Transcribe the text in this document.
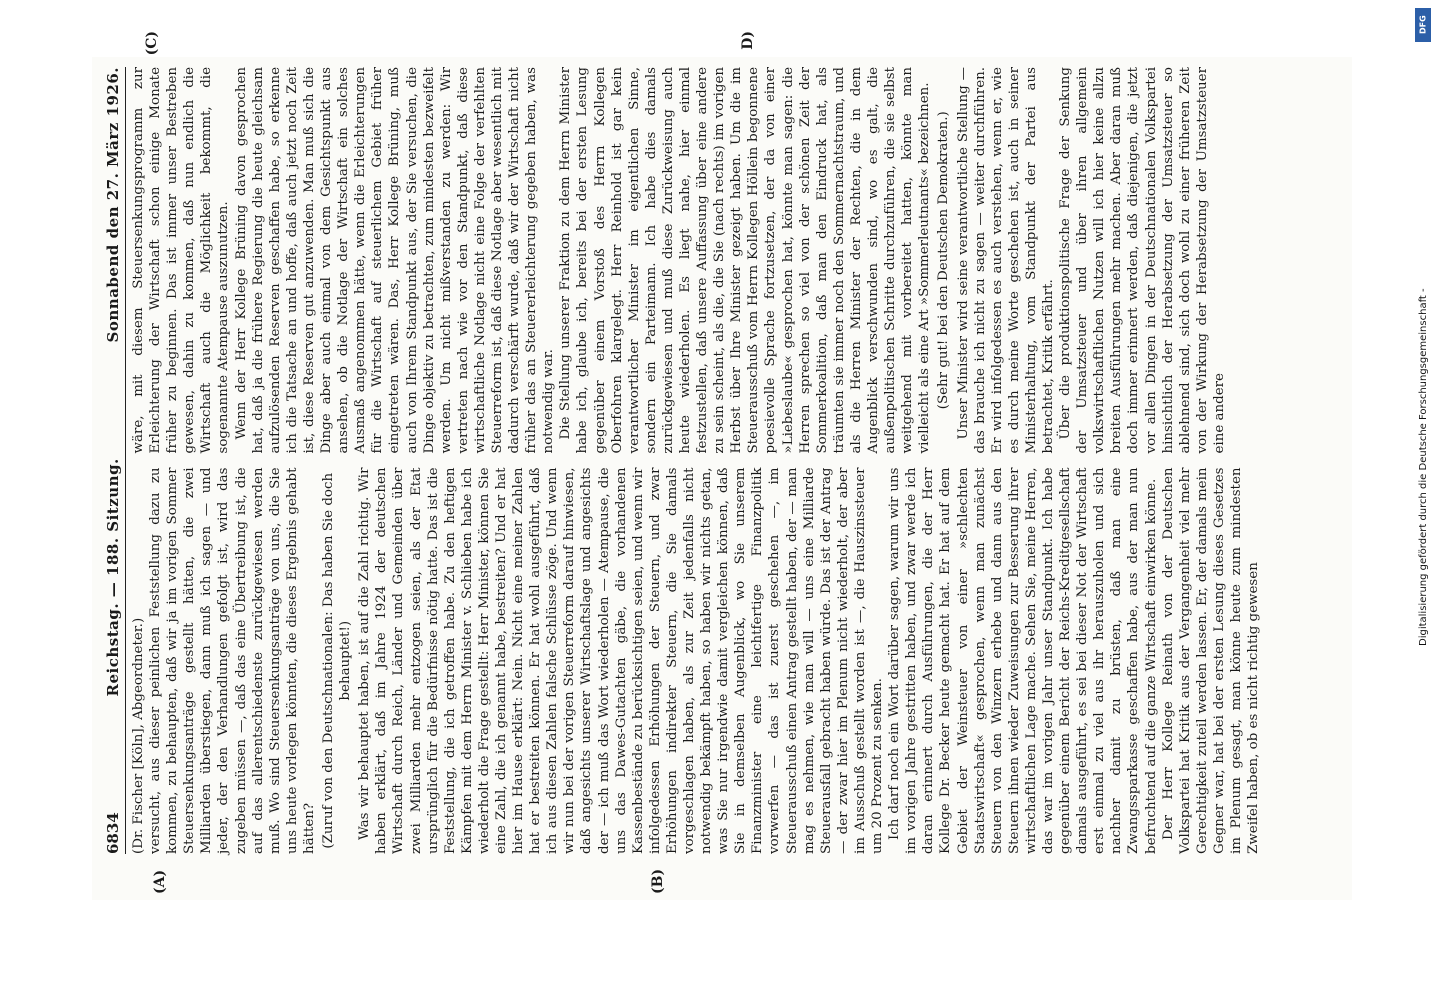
6834
Reichstag. — 188. Sitzung.
Sonnabend den 27. März 1926.
(A)	(B)

(Dr. Fischer [Köln], Abgeordneter.) versucht, aus dieser peinlichen Feststellung dazu zu kommen, zu behaupten, daß wir ja im vorigen Sommer Steuersenkungsanträge gestellt hätten, die zwei Milliarden überstiegen, dann muß ich sagen — und jeder, der den Verhandlungen gefolgt ist, wird das zugeben müssen —, daß das eine Übertreibung ist, die auf das allerentschiedenste zurückgewiesen werden muß. Wo sind Steuersenkungsanträge von uns, die Sie uns heute vorlegen könnten, die dieses Ergebnis gehabt hätten? (Zuruf von den Deutschnationalen: Das haben Sie doch behauptet!) Was wir behauptet haben, ist auf die Zahl richtig. Wir haben erklärt, daß im Jahre 1924 der deutschen Wirtschaft durch Reich, Länder und Gemeinden über zwei Milliarden mehr entzogen seien, als der Etat ursprünglich für die Bedürfnisse nötig hatte. Das ist die Feststellung, die ich getroffen habe. Zu den heftigen Kämpfen mit dem Herrn Minister v. Schlieben habe ich wiederholt die Frage gestellt: Herr Minister, können Sie eine Zahl, die ich genannt habe, bestreiten? Und er hat hier im Hause erklärt: Nein. Nicht eine meiner Zahlen hat er bestreiten können. Er hat wohl ausgeführt, daß ich aus diesen Zahlen falsche Schlüsse zöge. Und wenn wir nun bei der vorigen Steuerreform darauf hinwiesen, daß angesichts unserer Wirtschaftslage und angesichts der — ich muß das Wort wiederholen — Atempause, die uns das Dawes-Gutachten gäbe, die vorhandenen Kassenbestände zu berücksichtigen seien, und wenn wir infolgedessen Erhöhungen der Steuern, und zwar Erhöhungen indirekter Steuern, die Sie damals vorgeschlagen haben, als zur Zeit jedenfalls nicht notwendig bekämpft haben, so haben wir nichts getan, was Sie nur irgendwie damit vergleichen können, daß Sie in demselben Augenblick, wo Sie unserem Finanzminister eine leichtfertige Finanzpolitik vorwerfen — das ist zuerst geschehen —, im Steuerausschuß einen Antrag gestellt haben, der — man mag es nehmen, wie man will — uns eine Milliarde Steuerausfall gebracht haben würde. Das ist der Antrag — der zwar hier im Plenum nicht wiederholt, der aber im Ausschuß gestellt worden ist —, die Hauszinssteuer um 20 Prozent zu senken. Ich darf noch ein Wort darüber sagen, warum wir uns im vorigen Jahre gestritten haben, und zwar werde ich daran erinnert durch Ausführungen, die der Herr Kollege Dr. Becker heute gemacht hat. Er hat auf dem Gebiet der Weinsteuer von einer »schlechten Staatswirtschaft« gesprochen, wenn man zunächst Steuern von den Winzern erhebe und dann aus den Steuern ihnen wieder Zuweisungen zur Besserung ihrer wirtschaftlichen Lage mache. Sehen Sie, meine Herren, das war im vorigen Jahr unser Standpunkt. Ich habe gegenüber einem Bericht der Reichs-Kreditgesellschaft damals ausgeführt, es sei bei dieser Not der Wirtschaft erst einmal zu viel aus ihr herauszuholen und sich nachher damit zu brüsten, daß man eine Zwangssparkasse geschaffen habe, aus der man nun befruchtend auf die ganze Wirtschaft einwirken könne. Der Herr Kollege Reinath von der Deutschen Volkspartei hat Kritik aus der Vergangenheit viel mehr Gerechtigkeit zuteil werden lassen. Er, der damals mein Gegner war, hat bei der ersten Lesung dieses Gesetzes im Plenum gesagt, man könne heute zum mindesten Zweifel haben, ob es nicht richtig gewesen

(C)	D)

wäre, mit diesem Steuersenkungsprogramm zur Erleichterung der Wirtschaft schon einige Monate früher zu beginnen. Das ist immer unser Bestreben gewesen, dahin zu kommen, daß nun endlich die Wirtschaft auch die Möglichkeit bekommt, die sogenannte Atempause auszunutzen. Wenn der Herr Kollege Brüning davon gesprochen hat, daß ja die frühere Regierung die heute gleichsam aufzulösenden Reserven geschaffen habe, so erkenne ich die Tatsache an und hoffe, daß auch jetzt noch Zeit ist, diese Reserven gut anzuwenden. Man muß sich die Dinge aber auch einmal von dem Gesichtspunkt aus ansehen, ob die Notlage der Wirtschaft ein solches Ausmaß angenommen hätte, wenn die Erleichterungen für die Wirtschaft auf steuerlichem Gebiet früher eingetreten wären. Das, Herr Kollege Brüning, muß auch von Ihrem Standpunkt aus, der Sie versuchen, die Dinge objektiv zu betrachten, zum mindesten bezweifelt werden. Um nicht mißverstanden zu werden: Wir vertreten nach wie vor den Standpunkt, daß diese wirtschaftliche Notlage nicht eine Folge der verfehlten Steuerreform ist, daß diese Notlage aber wesentlich mit dadurch verschärft wurde, daß wir der Wirtschaft nicht früher das an Steuererleichterung gegeben haben, was notwendig war. Die Stellung unserer Fraktion zu dem Herrn Minister habe ich, glaube ich, bereits bei der ersten Lesung gegenüber einem Vorstoß des Herrn Kollegen Oberfohren klargelegt. Herr Reinhold ist gar kein verantwortlicher Minister im eigentlichen Sinne, sondern ein Parteimann. Ich habe dies damals zurückgewiesen und muß diese Zurückweisung auch heute wiederholen. Es liegt nahe, hier einmal festzustellen, daß unsere Auffassung über eine andere zu sein scheint, als die, die Sie (nach rechts) im vorigen Herbst über Ihre Minister gezeigt haben. Um die im Steuerausschuß vom Herrn Kollegen Höllein begonnene poesievolle Sprache fortzusetzen, der da von einer »Liebeslaube« gesprochen hat, könnte man sagen: die Herren sprechen so viel von der schönen Zeit der Sommerkoalition, daß man den Eindruck hat, als träumten sie immer noch den Sommernachtstraum, und als die Herren Minister der Rechten, die in dem Augenblick verschwunden sind, wo es galt, die außenpolitischen Schritte durchzuführen, die sie selbst weitgehend mit vorbereitet hatten, könnte man vielleicht als eine Art »Sommerleutnants« bezeichnen. (Sehr gut! bei den Deutschen Demokraten.) Unser Minister wird seine verantwortliche Stellung — das brauche ich nicht zu sagen — weiter durchführen. Er wird infolgedessen es auch verstehen, wenn er, wie es durch meine Worte geschehen ist, auch in seiner Ministerhaltung, vom Standpunkt der Partei aus betrachtet, Kritik erfährt. Über die produktionspolitische Frage der Senkung der Umsatzsteuer und über ihren allgemein volkswirtschaftlichen Nutzen will ich hier keine allzu breiten Ausführungen mehr machen. Aber daran muß doch immer erinnert werden, daß diejenigen, die jetzt vor allen Dingen in der Deutschnationalen Volkspartei hinsichtlich der Herabsetzung der Umsatzsteuer so ablehnend sind, sich doch wohl zu einer früheren Zeit von der Wirkung der Herabsetzung der Umsatzsteuer eine andere

DFG
Digitalisierung gefördert durch die Deutsche Forschungsgemeinschaft -
